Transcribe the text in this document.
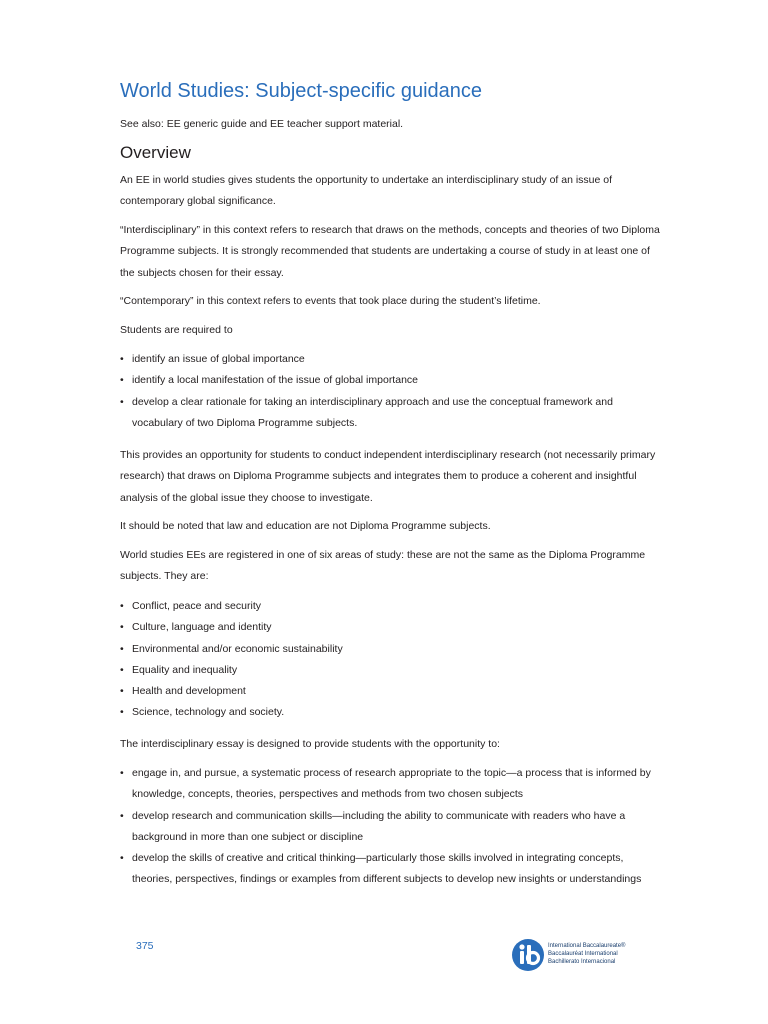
World Studies: Subject-specific guidance

See also: EE generic guide and EE teacher support material.

Overview

An EE in world studies gives students the opportunity to undertake an interdisciplinary study of an issue of contemporary global significance.

“Interdisciplinary” in this context refers to research that draws on the methods, concepts and theories of two Diploma Programme subjects. It is strongly recommended that students are undertaking a course of study in at least one of the subjects chosen for their essay.

“Contemporary” in this context refers to events that took place during the student’s lifetime.

Students are required to

• identify an issue of global importance
• identify a local manifestation of the issue of global importance
• develop a clear rationale for taking an interdisciplinary approach and use the conceptual framework and vocabulary of two Diploma Programme subjects.

This provides an opportunity for students to conduct independent interdisciplinary research (not necessarily primary research) that draws on Diploma Programme subjects and integrates them to produce a coherent and insightful analysis of the global issue they choose to investigate.

It should be noted that law and education are not Diploma Programme subjects.

World studies EEs are registered in one of six areas of study: these are not the same as the Diploma Programme subjects. They are:

• Conflict, peace and security
• Culture, language and identity
• Environmental and/or economic sustainability
• Equality and inequality
• Health and development
• Science, technology and society.

The interdisciplinary essay is designed to provide students with the opportunity to:

• engage in, and pursue, a systematic process of research appropriate to the topic—a process that is informed by knowledge, concepts, theories, perspectives and methods from two chosen subjects
• develop research and communication skills—including the ability to communicate with readers who have a background in more than one subject or discipline
• develop the skills of creative and critical thinking—particularly those skills involved in integrating concepts, theories, perspectives, findings or examples from different subjects to develop new insights or understandings

375	International Baccalaureate®
Baccalauréat International
Bachillerato Internacional
